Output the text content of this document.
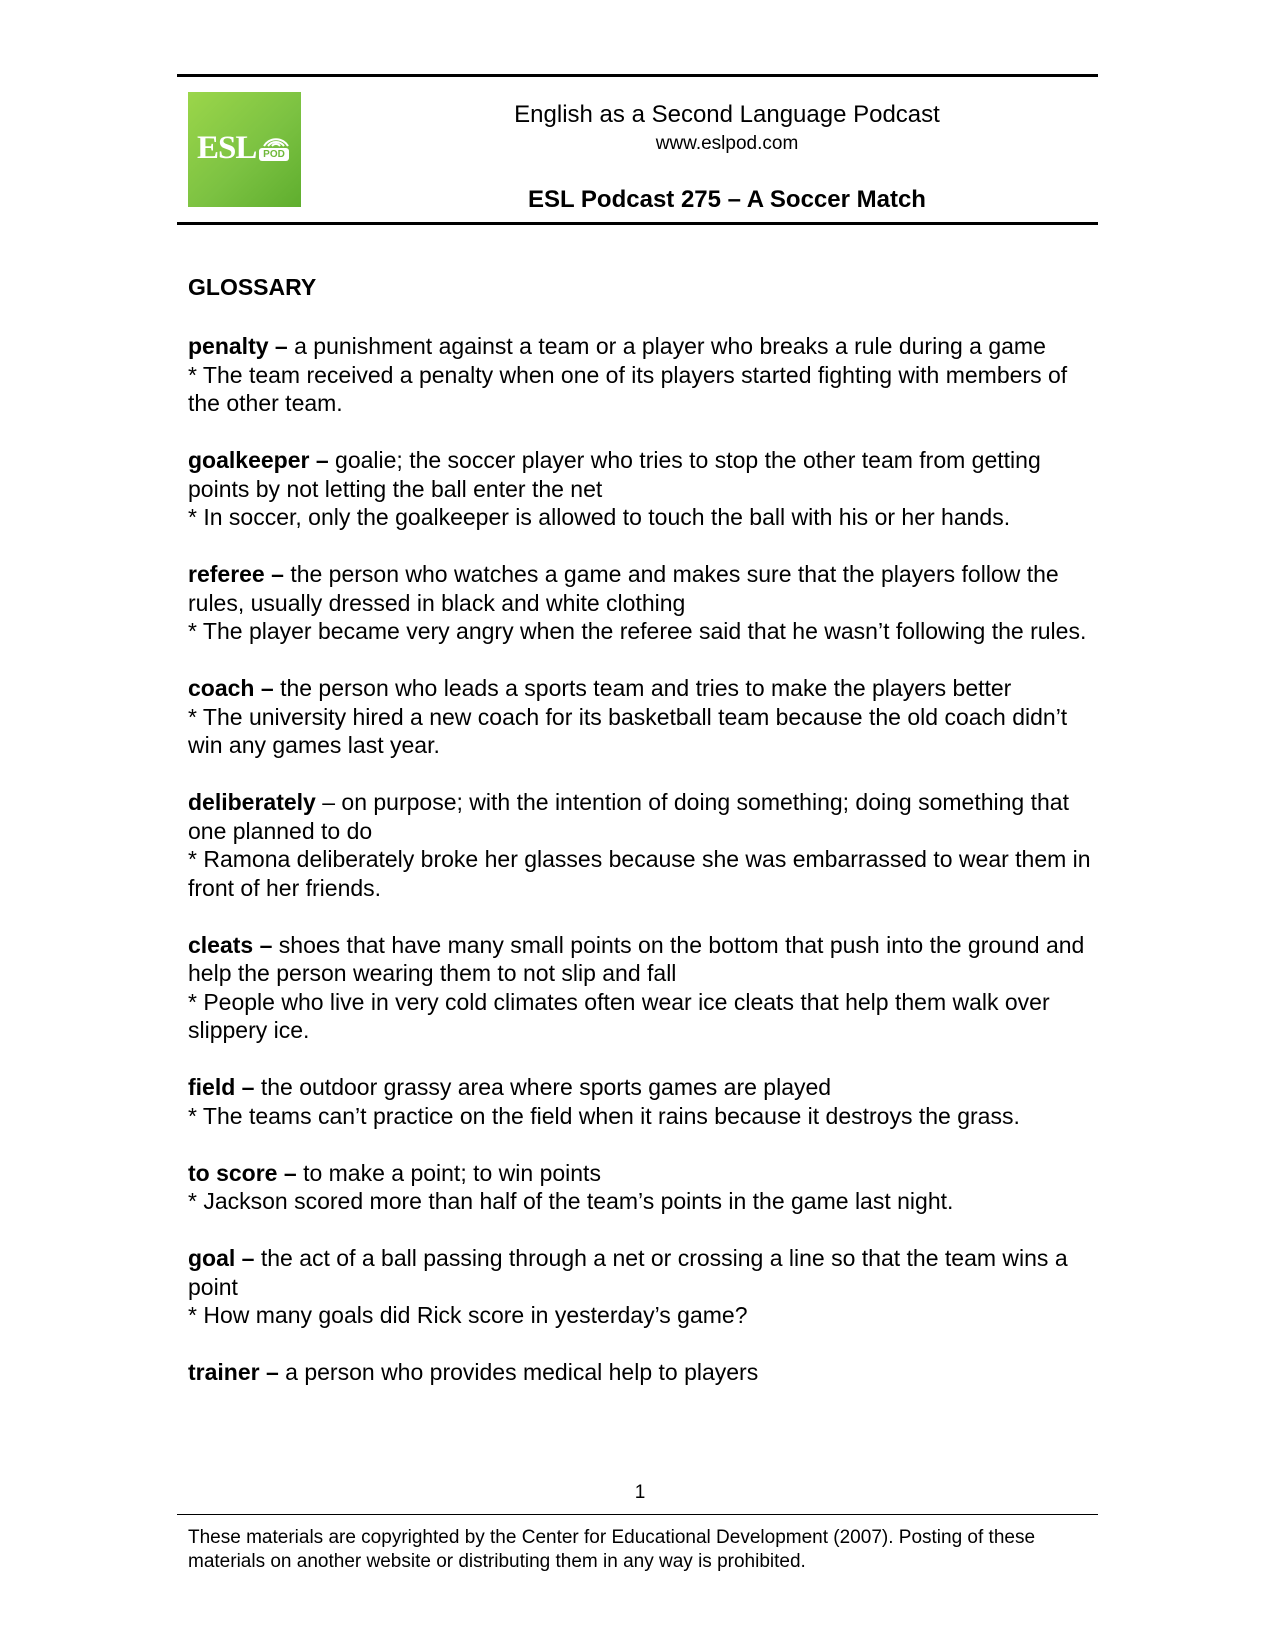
ESL POD
English as a Second Language Podcast
www.eslpod.com
ESL Podcast 275 – A Soccer Match
GLOSSARY
penalty – a punishment against a team or a player who breaks a rule during a game
* The team received a penalty when one of its players started fighting with members of the other team.
goalkeeper – goalie; the soccer player who tries to stop the other team from getting points by not letting the ball enter the net
* In soccer, only the goalkeeper is allowed to touch the ball with his or her hands.
referee – the person who watches a game and makes sure that the players follow the rules, usually dressed in black and white clothing
* The player became very angry when the referee said that he wasn’t following the rules.
coach – the person who leads a sports team and tries to make the players better
* The university hired a new coach for its basketball team because the old coach didn’t win any games last year.
deliberately – on purpose; with the intention of doing something; doing something that one planned to do
* Ramona deliberately broke her glasses because she was embarrassed to wear them in front of her friends.
cleats – shoes that have many small points on the bottom that push into the ground and help the person wearing them to not slip and fall
* People who live in very cold climates often wear ice cleats that help them walk over slippery ice.
field – the outdoor grassy area where sports games are played
* The teams can’t practice on the field when it rains because it destroys the grass.
to score – to make a point; to win points
* Jackson scored more than half of the team’s points in the game last night.
goal – the act of a ball passing through a net or crossing a line so that the team wins a point
* How many goals did Rick score in yesterday’s game?
trainer – a person who provides medical help to players
1
These materials are copyrighted by the Center for Educational Development (2007). Posting of these materials on another website or distributing them in any way is prohibited.
